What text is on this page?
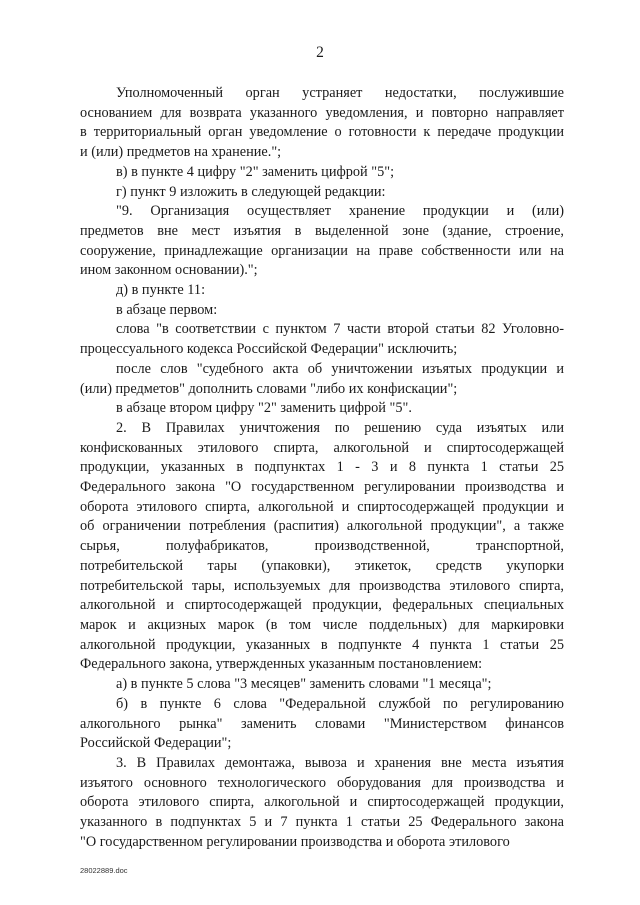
2
Уполномоченный орган устраняет недостатки, послужившие
основанием для возврата указанного уведомления, и повторно направляет
в территориальный орган уведомление о готовности к передаче продукции
и (или) предметов на хранение.";
в) в пункте 4 цифру "2" заменить цифрой "5";
г) пункт 9 изложить в следующей редакции:
"9. Организация осуществляет хранение продукции и (или)
предметов вне мест изъятия в выделенной зоне (здание, строение,
сооружение, принадлежащие организации на праве собственности или на
ином законном основании).";
д) в пункте 11:
в абзаце первом:
слова "в соответствии с пунктом 7 части второй статьи 82 Уголовно-
процессуального кодекса Российской Федерации" исключить;
после слов "судебного акта об уничтожении изъятых продукции и
(или) предметов" дополнить словами "либо их конфискации";
в абзаце втором цифру "2" заменить цифрой "5".
2. В Правилах уничтожения по решению суда изъятых или
конфискованных этилового спирта, алкогольной и спиртосодержащей
продукции, указанных в подпунктах 1 - 3 и 8 пункта 1 статьи 25
Федерального закона "О государственном регулировании производства и
оборота этилового спирта, алкогольной и спиртосодержащей продукции и
об ограничении потребления (распития) алкогольной продукции", а также
сырья, полуфабрикатов, производственной, транспортной,
потребительской тары (упаковки), этикеток, средств укупорки
потребительской тары, используемых для производства этилового спирта,
алкогольной и спиртосодержащей продукции, федеральных специальных
марок и акцизных марок (в том числе поддельных) для маркировки
алкогольной продукции, указанных в подпункте 4 пункта 1 статьи 25
Федерального закона, утвержденных указанным постановлением:
а) в пункте 5 слова "3 месяцев" заменить словами "1 месяца";
б) в пункте 6 слова "Федеральной службой по регулированию
алкогольного рынка" заменить словами "Министерством финансов
Российской Федерации";
3. В Правилах демонтажа, вывоза и хранения вне места изъятия
изъятого основного технологического оборудования для производства и
оборота этилового спирта, алкогольной и спиртосодержащей продукции,
указанного в подпунктах 5 и 7 пункта 1 статьи 25 Федерального закона
"О государственном регулировании производства и оборота этилового
28022889.doc
